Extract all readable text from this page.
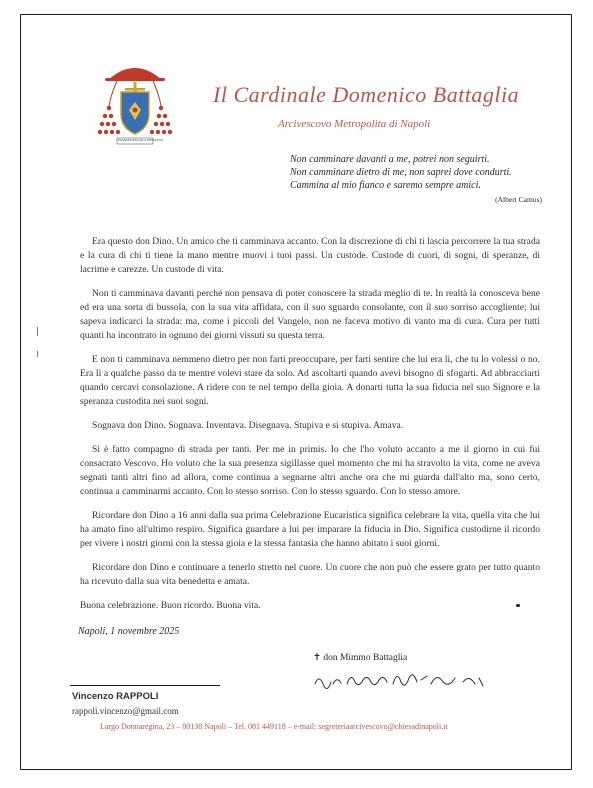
EVANGELIUM SOLA SPERANTIA
Il Cardinale Domenico Battaglia
Arcivescovo Metropolita di Napoli
Non camminare davanti a me, potrei non seguirti.
Non camminare dietro di me, non saprei dove condurti.
Cammina al mio fianco e saremo sempre amici.
(Albert Camus)

Era questo don Dino. Un amico che ti camminava accanto. Con la discrezione di chi ti lascia percorrere la tua strada e la cura di chi ti tiene la mano mentre muovi i tuoi passi. Un custode. Custode di cuori, di sogni, di speranze, di lacrime e carezze. Un custode di vita.

Non ti camminava davanti perché non pensava di poter conoscere la strada meglio di te. In realtà la conosceva bene ed era una sorta di bussola, con la sua vita affidata, con il suo sguardo consolante, con il suo sorriso accogliente; lui sapeva indicarci la strada: ma, come i piccoli del Vangelo, non ne faceva motivo di vanto ma di cura. Cura per tutti quanti ha incontrato in ognuno dei giorni vissuti su questa terra.

E non ti camminava nemmeno dietro per non farti preoccupare, per farti sentire che lui era lì, che tu lo volessi o no. Era lì a qualche passo da te mentre volevi stare da solo. Ad ascoltarti quando avevi bisogno di sfogarti. Ad abbracciarti quando cercavi consolazione. A ridere con te nel tempo della gioia. A donarti tutta la sua fiducia nel suo Signore e la speranza custodita nei suoi sogni.

Sognava don Dino. Sognava. Inventava. Disegnava. Stupiva e si stupiva. Amava.

Si è fatto compagno di strada per tanti. Per me in primis. Io che l'ho voluto accanto a me il giorno in cui fui consacrato Vescovo. Ho voluto che la sua presenza sigillasse quel momento che mi ha stravolto la vita, come ne aveva segnati tanti altri fino ad allora, come continua a segnarne altri anche ora che mi guarda dall'alto ma, sono certo, continua a camminarmi accanto. Con lo stesso sorriso. Con lo stesso sguardo. Con lo stesso amore.

Ricordare don Dino a 16 anni dalla sua prima Celebrazione Eucaristica significa celebrare la vita, quella vita che lui ha amato fino all'ultimo respiro. Significa guardare a lui per imparare la fiducia in Dio. Significa custodirne il ricordo per vivere i nostri giorni con la stessa gioia e la stessa fantasia che hanno abitato i suoi giorni.

Ricordare don Dino e continuare a tenerlo stretto nel cuore. Un cuore che non può che essere grato per tutto quanto ha ricevuto dalla sua vita benedetta e amata.

Buona celebrazione. Buon ricordo. Buona vita.

Napoli, 1 novembre 2025
✝ don Mimmo Battaglia
Vincenzo RAPPOLI
rappoli.vincenzo@gmail.com
Largo Donnaregina, 23 – 80138 Napoli – Tel. 081 449118 – e-mail: segreteriaarcivescovo@chiesadinapoli.it
